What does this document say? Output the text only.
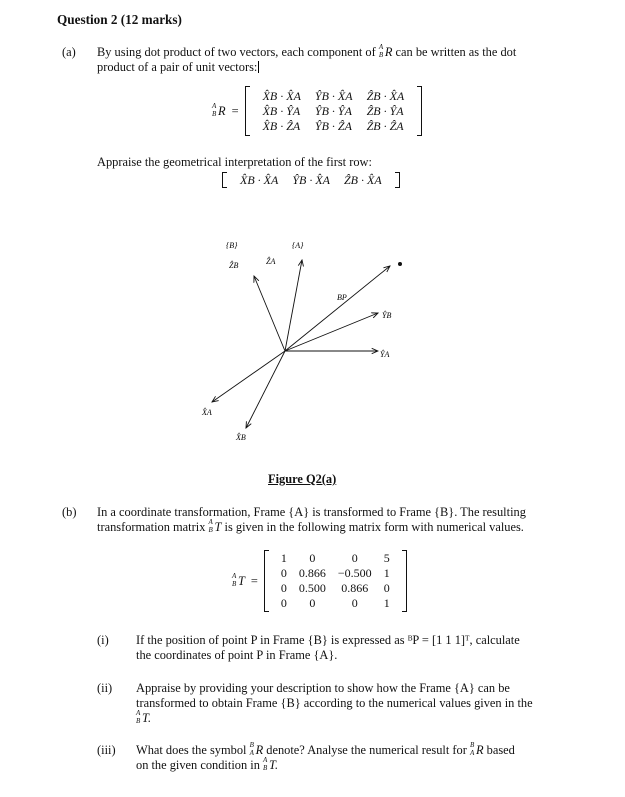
Question 2 (12 marks)
(a) By using dot product of two vectors, each component of A
B R can be written as the dot
product of a pair of unit vectors:
A
B R =
X̂B · X̂A	ŶB · X̂A	ẐB · X̂A
X̂B · ŶA	ŶB · ŶA	ẐB · ŶA
X̂B · ẐA	ŶB · ẐA	ẐB · ẐA
Appraise the geometrical interpretation of the first row:
X̂B · X̂A	ŶB · X̂A	ẐB · X̂A
{B}	{A}
ẐB	ẐA
BP
ŶB
ŶA
X̂A
X̂B
Figure Q2(a)
(b) In a coordinate transformation, Frame {A} is transformed to Frame {B}. The resulting
transformation matrix A
B T is given in the following matrix form with numerical values.
A
B T =
1	0	0	5
0	0.866	−0.500	1
0	0.500	0.866	0
0	0	0	1
(i) If the position of point P in Frame {B} is expressed as ᴮP = [1 1 1]ᵀ, calculate
the coordinates of point P in Frame {A}.
(ii) Appraise by providing your description to show how the Frame {A} can be
transformed to obtain Frame {B} according to the numerical values given in the

A
B T.
(iii) What does the symbol B
A R denote? Analyse the numerical result for B
A R based
on the given condition in A
B T.
